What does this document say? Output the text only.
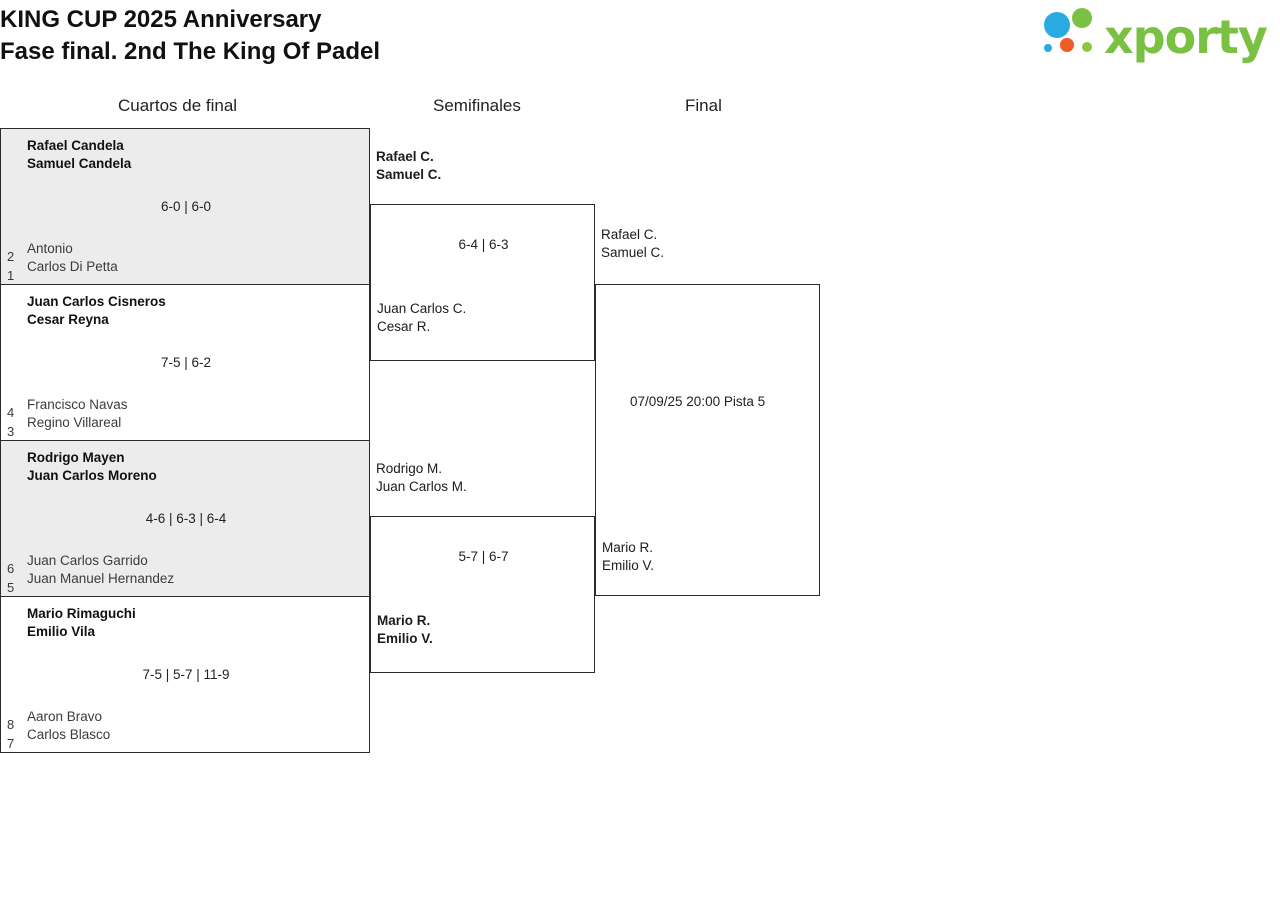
KING CUP 2025 Anniversary
Fase final. 2nd The King Of Padel	xporty
Cuartos de final	Semifinales	Final
1
Rafael Candela
Samuel Candela
6-0 | 6-0
2
Antonio
Carlos Di Petta
3
Juan Carlos Cisneros
Cesar Reyna
7-5 | 6-2
4
Francisco Navas
Regino Villareal
5
Rodrigo Mayen
Juan Carlos Moreno
4-6 | 6-3 | 6-4
6
Juan Carlos Garrido
Juan Manuel Hernandez
7
Mario Rimaguchi
Emilio Vila
7-5 | 5-7 | 11-9
8
Aaron Bravo
Carlos Blasco
Rafael C.
Samuel C.
6-4 | 6-3
Juan Carlos C.
Cesar R.
Rodrigo M.
Juan Carlos M.
5-7 | 6-7
Mario R.
Emilio V.
Rafael C.
Samuel C.
07/09/25 20:00 Pista 5
Mario R.
Emilio V.
